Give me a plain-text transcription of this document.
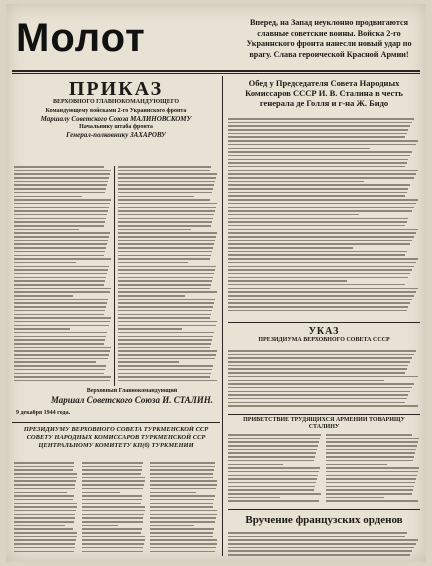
Молот	Вперед, на Запад неуклонно продвигаются славные советские воины. Войска 2-го Украинского фронта нанесли новый удар по врагу. Слава героической Красной Армии!
ПРИКАЗ
ВЕРХОВНОГО ГЛАВНОКОМАНДУЮЩЕГО
Командующему войсками 2-го Украинского фронта
Маршалу Советского Союза МАЛИНОВСКОМУ
Начальнику штаба фронта
Генерал-полковнику ЗАХАРОВУ
Верховный Главнокомандующий
Маршал Советского Союза И. СТАЛИН.
9 декабря 1944 года.
ПРЕЗИДИУМУ ВЕРХОВНОГО СОВЕТА ТУРКМЕНСКОЙ ССР СОВЕТУ НАРОДНЫХ КОМИССАРОВ ТУРКМЕНСКОЙ ССР ЦЕНТРАЛЬНОМУ КОМИТЕТУ КП(б) ТУРКМЕНИИ
Обед у Председателя Совета Народных Комиссаров СССР И. В. Сталина в честь генерала де Голля и г-на Ж. Бидо
УКАЗ
ПРЕЗИДИУМА ВЕРХОВНОГО СОВЕТА СССР
ПРИВЕТСТВИЕ ТРУДЯЩИХСЯ АРМЕНИИ ТОВАРИЩУ СТАЛИНУ
Вручение французских орденов
